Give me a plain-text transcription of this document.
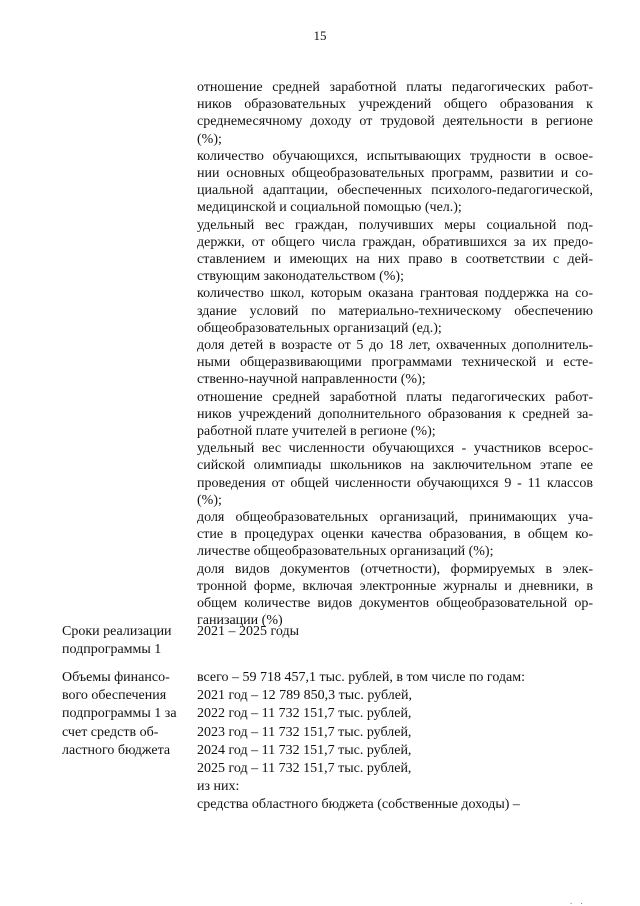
15
отношение средней заработной платы педагогических работ-
ников образовательных учреждений общего образования к
среднемесячному доходу от трудовой деятельности в регионе
(%);
количество обучающихся, испытывающих трудности в освое-
нии основных общеобразовательных программ, развитии и со-
циальной адаптации, обеспеченных психолого-педагогической,
медицинской и социальной помощью (чел.);
удельный вес граждан, получивших меры социальной под-
держки, от общего числа граждан, обратившихся за их предо-
ставлением и имеющих на них право в соответствии с дей-
ствующим законодательством (%);
количество школ, которым оказана грантовая поддержка на со-
здание условий по материально-техническому обеспечению
общеобразовательных организаций (ед.);
доля детей в возрасте от 5 до 18 лет, охваченных дополнитель-
ными общеразвивающими программами технической и есте-
ственно-научной направленности (%);
отношение средней заработной платы педагогических работ-
ников учреждений дополнительного образования к средней за-
работной плате учителей в регионе (%);
удельный вес численности обучающихся - участников всерос-
сийской олимпиады школьников на заключительном этапе ее
проведения от общей численности обучающихся 9 - 11 классов
(%);
доля общеобразовательных организаций, принимающих уча-
стие в процедурах оценки качества образования, в общем ко-
личестве общеобразовательных организаций (%);
доля видов документов (отчетности), формируемых в элек-
тронной форме, включая электронные журналы и дневники, в
общем количестве видов документов общеобразовательной ор-
ганизации (%)
Сроки реализации
подпрограммы 1
2021 – 2025 годы
Объемы финансо-
вого обеспечения
подпрограммы 1 за
счет средств об-
ластного бюджета
всего – 59 718 457,1 тыс. рублей, в том числе по годам:
2021 год – 12 789 850,3 тыс. рублей,
2022 год – 11 732 151,7 тыс. рублей,
2023 год – 11 732 151,7 тыс. рублей,
2024 год – 11 732 151,7 тыс. рублей,
2025 год – 11 732 151,7 тыс. рублей,
из них:
средства областного бюджета (собственные доходы) –
. .
